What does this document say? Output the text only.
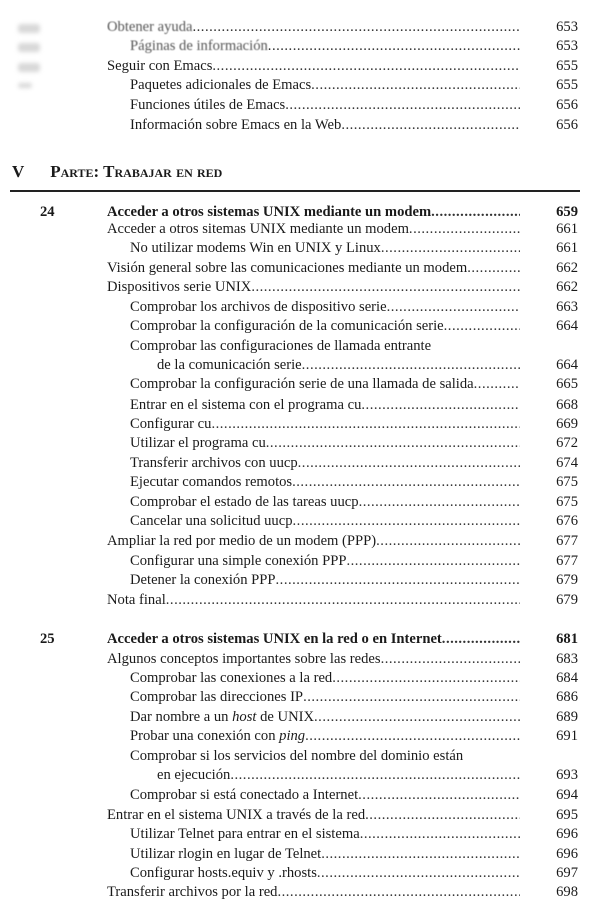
Obtener ayuda .....	653
Páginas de información .....	653
Seguir con Emacs .....	655
Paquetes adicionales de Emacs .....	655
Funciones útiles de Emacs .....	656
Información sobre Emacs en la Web .....	656
24	Acceder a otros sistemas UNIX mediante un modem .....	659
Acceder a otros sitemas UNIX mediante un modem .....	661
No utilizar modems Win en UNIX y Linux .....	661
Visión general sobre las comunicaciones mediante un modem .....	662
Dispositivos serie UNIX .....	662
Comprobar los archivos de dispositivo serie .....	663
Comprobar la configuración de la comunicación serie .....	664
Comprobar las configuraciones de llamada entrante
de la comunicación serie .....	664
Comprobar la configuración serie de una llamada de salida .....	665
Entrar en el sistema con el programa cu .....	668
Configurar cu .....	669
Utilizar el programa cu .....	672
Transferir archivos con uucp .....	674
Ejecutar comandos remotos .....	675
Comprobar el estado de las tareas uucp .....	675
Cancelar una solicitud uucp .....	676
Ampliar la red por medio de un modem (PPP) .....	677
Configurar una simple conexión PPP .....	677
Detener la conexión PPP .....	679
Nota final .....	679
25	Acceder a otros sistemas UNIX en la red o en Internet .....	681
Algunos conceptos importantes sobre las redes .....	683
Comprobar las conexiones a la red .....	684
Comprobar las direcciones IP .....	686
Dar nombre a un host de UNIX .....	689
Probar una conexión con ping .....	691
Comprobar si los servicios del nombre del dominio están
en ejecución .....	693
Comprobar si está conectado a Internet .....	694
Entrar en el sistema UNIX a través de la red .....	695
Utilizar Telnet para entrar en el sistema .....	696
Utilizar rlogin en lugar de Telnet .....	696
Configurar hosts.equiv y .rhosts .....	697
Transferir archivos por la red .....	698
V Parte: Trabajar en red
